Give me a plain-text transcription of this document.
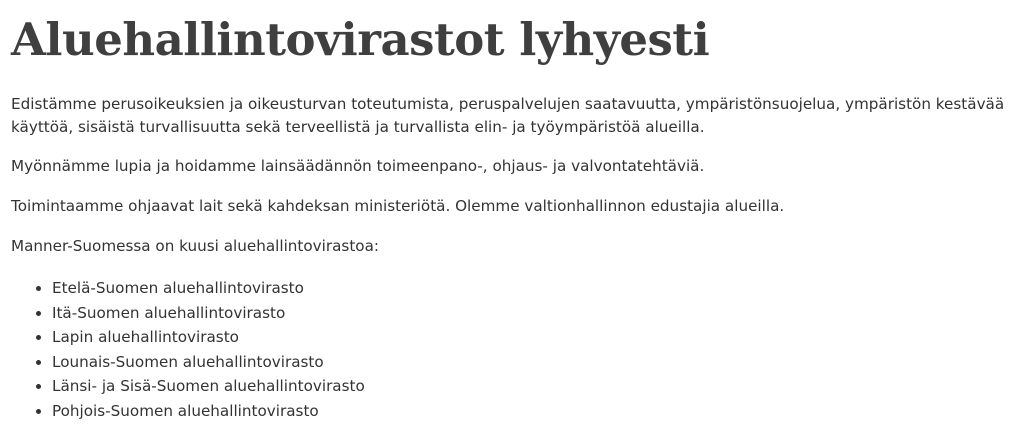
Aluehallintovirastot lyhyesti

Edistämme perusoikeuksien ja oikeusturvan toteutumista, peruspalvelujen saatavuutta, ympäristönsuojelua, ympäristön kestävää käyttöä, sisäistä turvallisuutta sekä terveellistä ja turvallista elin- ja työympäristöä alueilla.

Myönnämme lupia ja hoidamme lainsäädännön toimeenpano-, ohjaus- ja valvontatehtäviä.

Toimintaamme ohjaavat lait sekä kahdeksan ministeriötä. Olemme valtionhallinnon edustajia alueilla.

Manner-Suomessa on kuusi aluehallintovirastoa:

• Etelä-Suomen aluehallintovirasto
• Itä-Suomen aluehallintovirasto
• Lapin aluehallintovirasto
• Lounais-Suomen aluehallintovirasto
• Länsi- ja Sisä-Suomen aluehallintovirasto
• Pohjois-Suomen aluehallintovirasto
